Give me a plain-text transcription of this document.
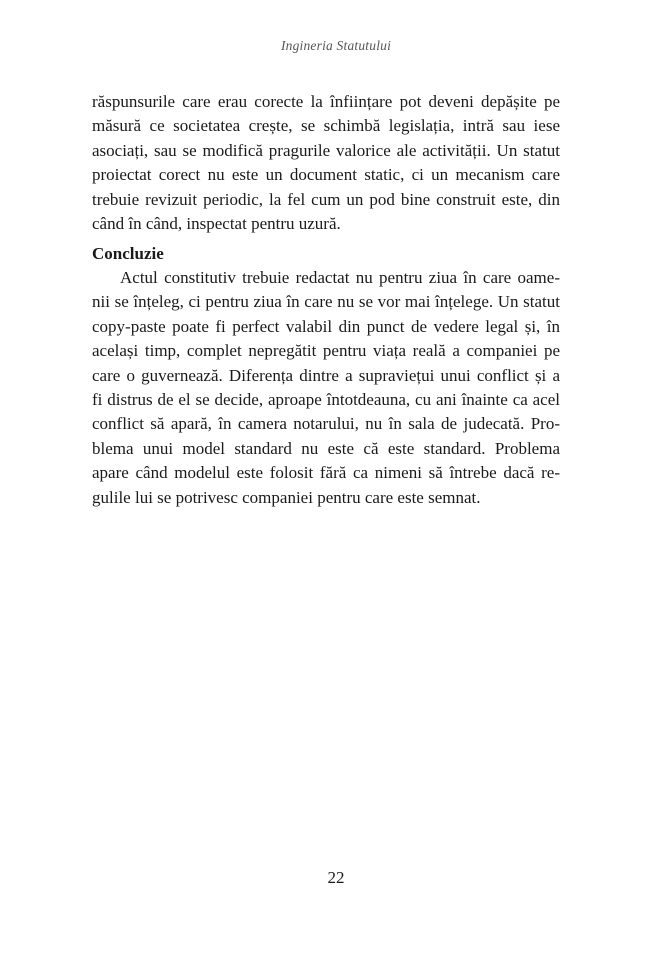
Ingineria Statutului
răspunsurile care erau corecte la înființare pot deveni depășite pe
măsură ce societatea crește, se schimbă legislația, intră sau iese
asociați, sau se modifică pragurile valorice ale activității. Un statut
proiectat corect nu este un document static, ci un mecanism care
trebuie revizuit periodic, la fel cum un pod bine construit este, din
când în când, inspectat pentru uzură.
Concluzie
Actul constitutiv trebuie redactat nu pentru ziua în care oame-
nii se înțeleg, ci pentru ziua în care nu se vor mai înțelege. Un statut
copy-paste poate fi perfect valabil din punct de vedere legal și, în
același timp, complet nepregătit pentru viața reală a companiei pe
care o guvernează. Diferența dintre a supraviețui unui conflict și a
fi distrus de el se decide, aproape întotdeauna, cu ani înainte ca acel
conflict să apară, în camera notarului, nu în sala de judecată. Pro-
blema unui model standard nu este că este standard. Problema
apare când modelul este folosit fără ca nimeni să întrebe dacă re-
gulile lui se potrivesc companiei pentru care este semnat.
22
